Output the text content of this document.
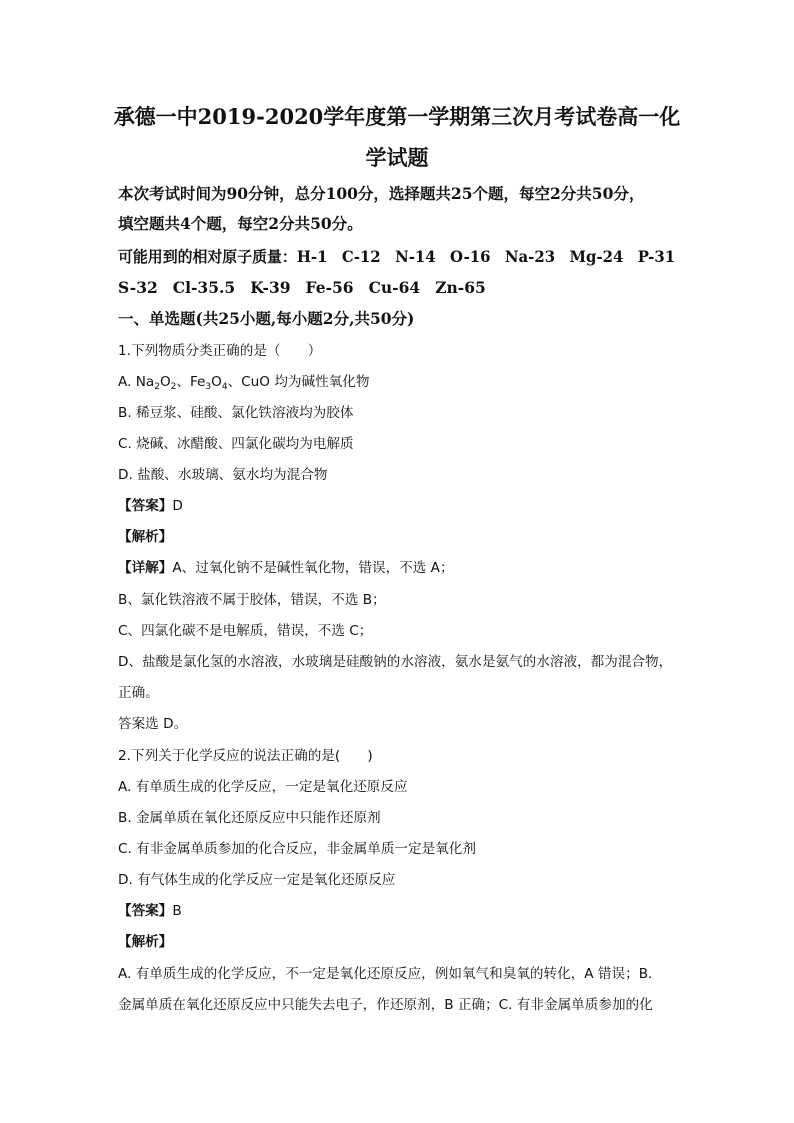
承德一中2019-2020学年度第一学期第三次月考试卷高一化
学试题
本次考试时间为90分钟，总分100分，选择题共25个题，每空2分共50分，
填空题共4个题，每空2分共50分。
可能用到的相对原子质量：H-1 C-12 N-14 O-16 Na-23 Mg-24 P-31
S-32 Cl-35.5 K-39 Fe-56 Cu-64 Zn-65
一、单选题(共25小题,每小题2分,共50分)
1.下列物质分类正确的是（　　）
A. $Na_2O_2$、$Fe_3O_4$、CuO 均为碱性氧化物
B. 稀豆浆、硅酸、氯化铁溶液均为胶体
C. 烧碱、冰醋酸、四氯化碳均为电解质
D. 盐酸、水玻璃、氨水均为混合物
【答案】D
【解析】
【详解】A、过氧化钠不是碱性氧化物，错误，不选 A；
B、氯化铁溶液不属于胶体，错误，不选 B；
C、四氯化碳不是电解质，错误，不选 C；
D、盐酸是氯化氢的水溶液，水玻璃是硅酸钠的水溶液，氨水是氨气的水溶液，都为混合物，
正确。
答案选 D。
2.下列关于化学反应的说法正确的是(　　)
A. 有单质生成的化学反应，一定是氧化还原反应
B. 金属单质在氧化还原反应中只能作还原剂
C. 有非金属单质参加的化合反应，非金属单质一定是氧化剂
D. 有气体生成的化学反应一定是氧化还原反应
【答案】B
【解析】
A. 有单质生成的化学反应，不一定是氧化还原反应，例如氧气和臭氧的转化，A 错误；B.
金属单质在氧化还原反应中只能失去电子，作还原剂，B 正确；C. 有非金属单质参加的化
